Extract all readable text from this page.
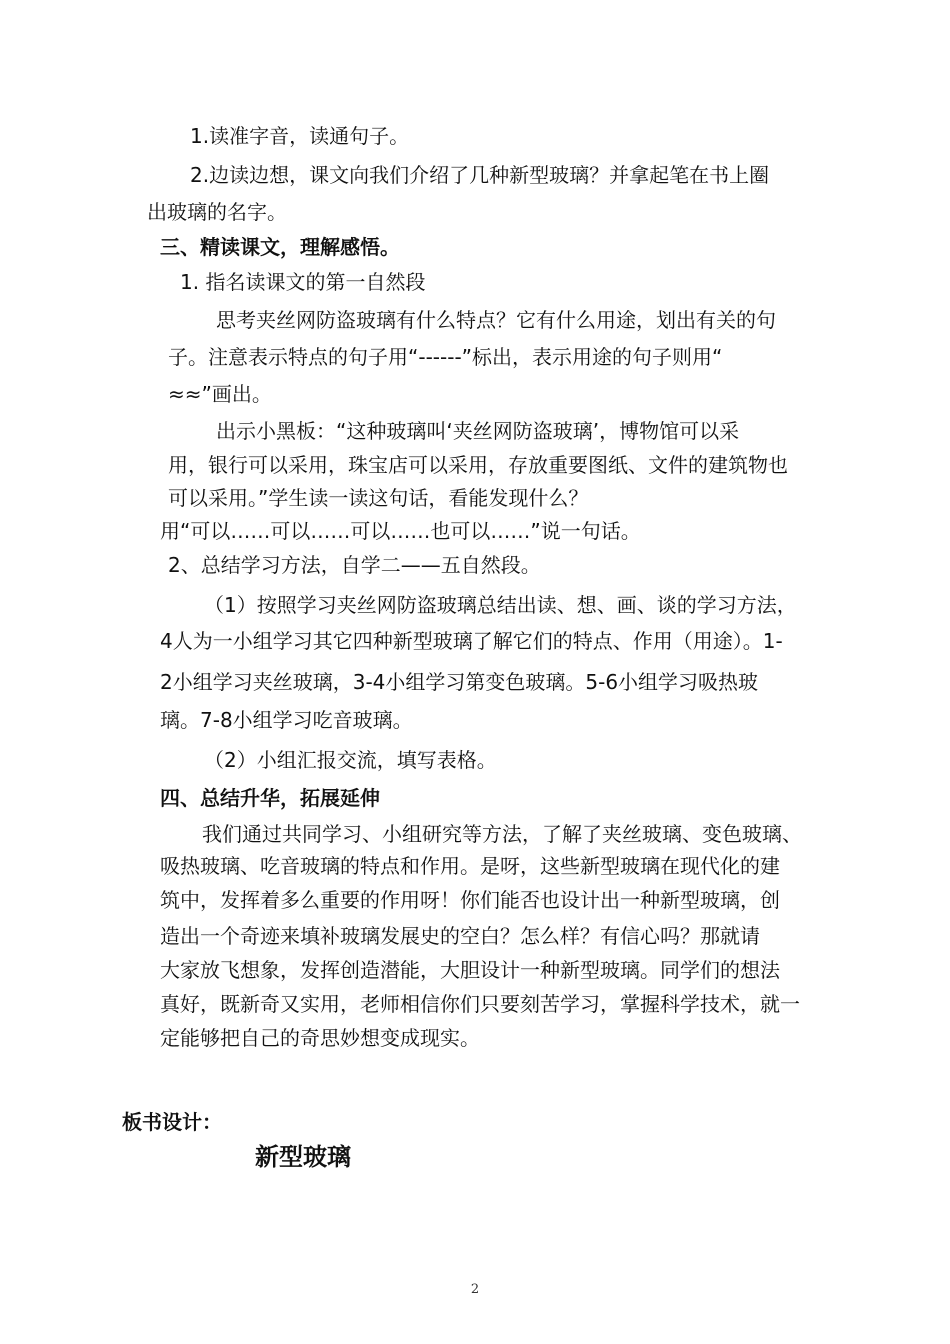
1.读准字音，读通句子。
2.边读边想，课文向我们介绍了几种新型玻璃？并拿起笔在书上圈
出玻璃的名字。
三、精读课文，理解感悟。
1. 指名读课文的第一自然段
思考夹丝网防盗玻璃有什么特点？它有什么用途，划出有关的句
子。注意表示特点的句子用“------”标出，表示用途的句子则用“
≈≈”画出。
出示小黑板：“这种玻璃叫‘夹丝网防盗玻璃’，博物馆可以采
用，银行可以采用，珠宝店可以采用，存放重要图纸、文件的建筑物也
可以采用。”学生读一读这句话，看能发现什么？
用“可以……可以……可以……也可以……”说一句话。
2、总结学习方法，自学二——五自然段。
（1）按照学习夹丝网防盗玻璃总结出读、想、画、谈的学习方法，
4人为一小组学习其它四种新型玻璃了解它们的特点、作用（用途）。1-
2小组学习夹丝玻璃，3-4小组学习第变色玻璃。5-6小组学习吸热玻
璃。7-8小组学习吃音玻璃。
（2）小组汇报交流，填写表格。
四、总结升华，拓展延伸
我们通过共同学习、小组研究等方法，了解了夹丝玻璃、变色玻璃、
吸热玻璃、吃音玻璃的特点和作用。是呀，这些新型玻璃在现代化的建
筑中，发挥着多么重要的作用呀！你们能否也设计出一种新型玻璃，创
造出一个奇迹来填补玻璃发展史的空白？怎么样？有信心吗？那就请
大家放飞想象，发挥创造潜能，大胆设计一种新型玻璃。同学们的想法
真好，既新奇又实用，老师相信你们只要刻苦学习，掌握科学技术，就一
定能够把自己的奇思妙想变成现实。
板书设计：
新型玻璃
2
